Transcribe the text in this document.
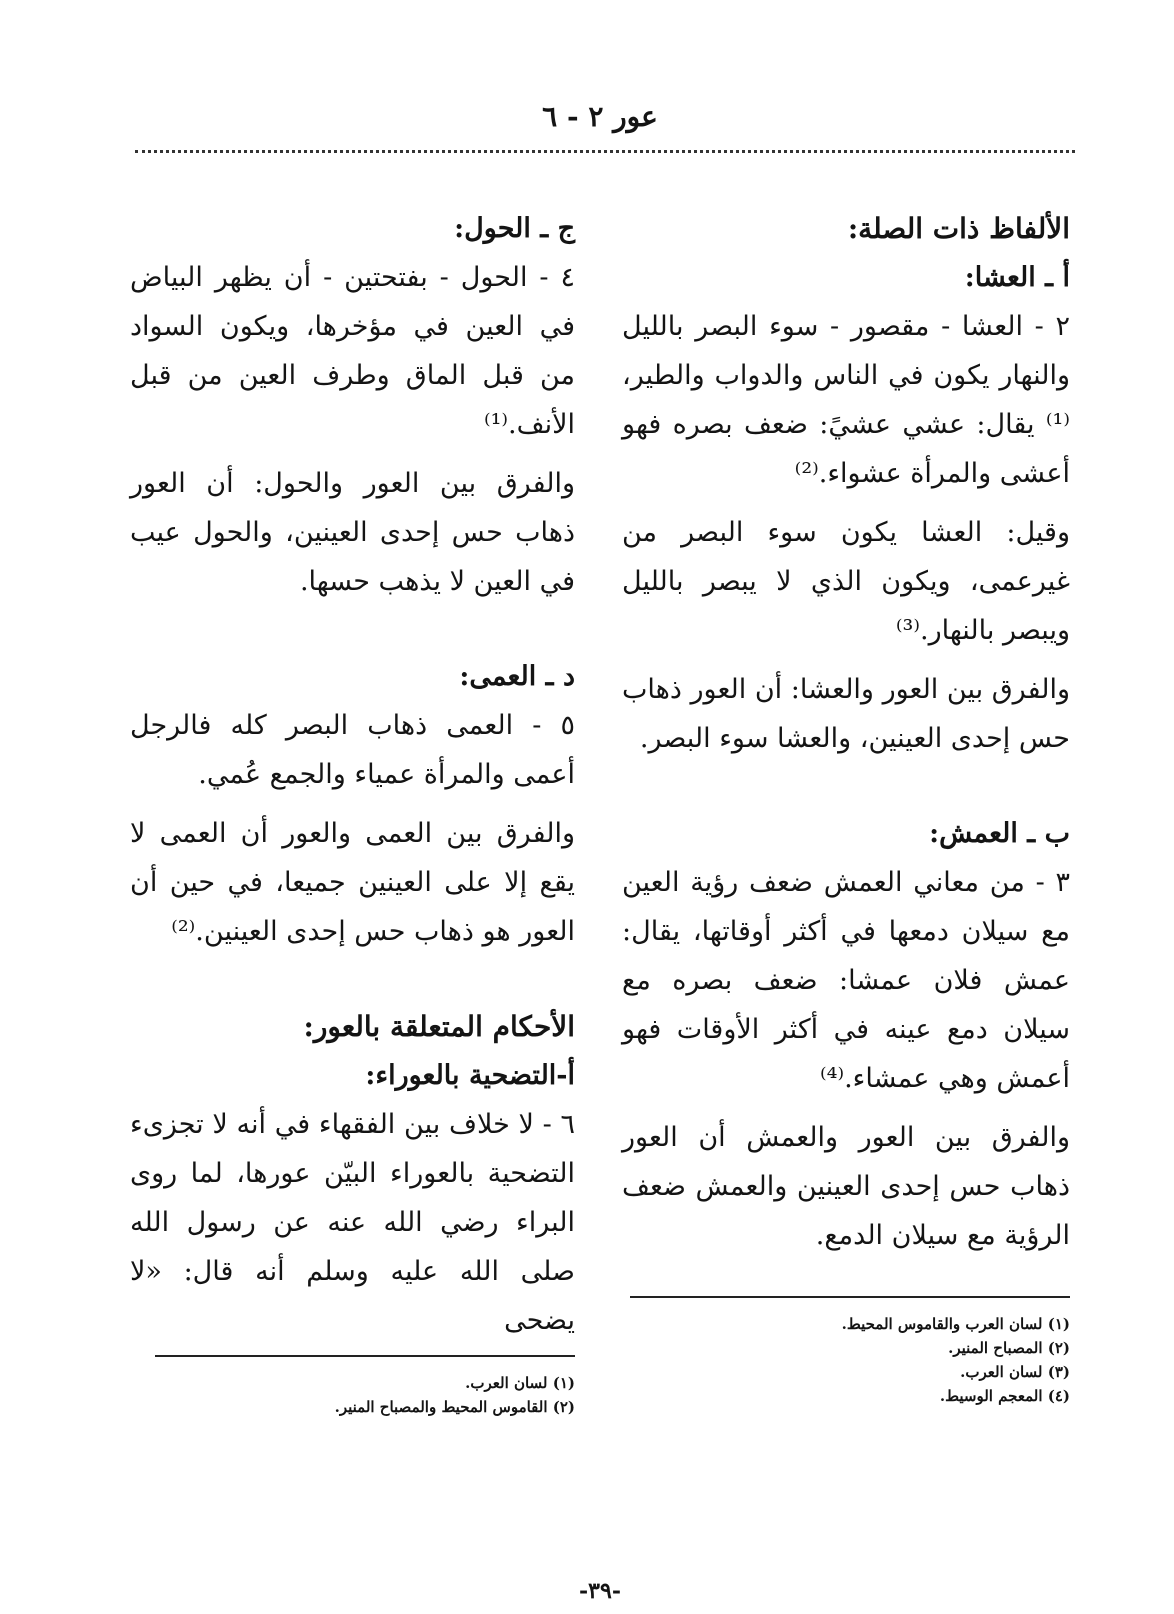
عور ٢ - ٦
الألفاظ ذات الصلة:
أ ـ العشا:

٢ - العشا - مقصور - سوء البصر بالليل والنهار يكون في الناس والدواب والطير،⁽¹⁾ يقال: عشي عشيً: ضعف بصره فهو أعشى والمرأة عشواء.⁽²⁾

وقيل: العشا يكون سوء البصر من غيرعمى، ويكون الذي لا يبصر بالليل ويبصر بالنهار.⁽³⁾

والفرق بين العور والعشا: أن العور ذهاب حس إحدى العينين، والعشا سوء البصر.

ب ـ العمش:

٣ - من معاني العمش ضعف رؤية العين مع سيلان دمعها في أكثر أوقاتها، يقال: عمش فلان عمشا: ضعف بصره مع سيلان دمع عينه في أكثر الأوقات فهو أعمش وهي عمشاء.⁽⁴⁾

والفرق بين العور والعمش أن العور ذهاب حس إحدى العينين والعمش ضعف الرؤية مع سيلان الدمع.

ج ـ الحول:

٤ - الحول - بفتحتين - أن يظهر البياض في العين في مؤخرها، ويكون السواد من قبل الماق وطرف العين من قبل الأنف.⁽¹⁾

والفرق بين العور والحول: أن العور ذهاب حس إحدى العينين، والحول عيب في العين لا يذهب حسها.

د ـ العمى:

٥ - العمى ذهاب البصر كله فالرجل أعمى والمرأة عمياء والجمع عُمي.

والفرق بين العمى والعور أن العمى لا يقع إلا على العينين جميعا، في حين أن العور هو ذهاب حس إحدى العينين.⁽²⁾

الأحكام المتعلقة بالعور:
أ-التضحية بالعوراء:

٦ - لا خلاف بين الفقهاء في أنه لا تجزىء التضحية بالعوراء البيّن عورها، لما روى البراء رضي الله عنه عن رسول الله صلى الله عليه وسلم أنه قال: «لا يضحى	(١) لسان العرب والقاموس المحيط.

(٢) المصباح المنير.

(٣) لسان العرب.

(٤) المعجم الوسيط.

(١) لسان العرب.

(٢) القاموس المحيط والمصباح المنير.

-٣٩-
